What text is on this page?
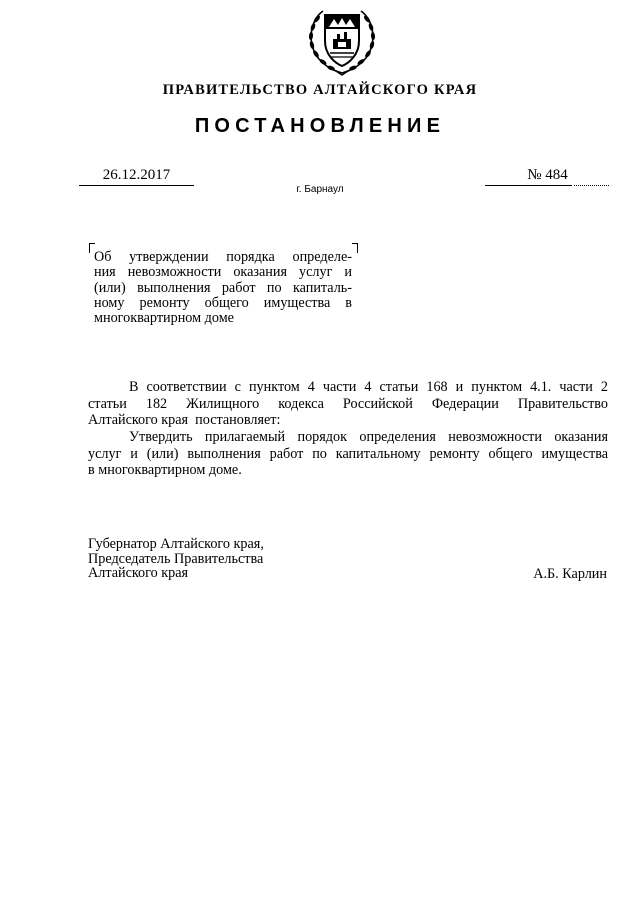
ПРАВИТЕЛЬСТВО АЛТАЙСКОГО КРАЯ
ПОСТАНОВЛЕНИЕ
26.12.2017	№ 484
г. Барнаул
Об утверждении порядка определе-
ния невозможности оказания услуг и
(или) выполнения работ по капиталь-
ному ремонту общего имущества в
многоквартирном доме
В соответствии с пунктом 4 части 4 статьи 168 и пунктом 4.1. части 2
статьи 182 Жилищного кодекса Российской Федерации Правительство
Алтайского края  постановляет:
Утвердить прилагаемый порядок определения невозможности оказания
услуг и (или) выполнения работ по капитальному ремонту общего имущества
в многоквартирном доме.
Губернатор Алтайского края,
Председатель Правительства
Алтайского края	А.Б. Карлин
